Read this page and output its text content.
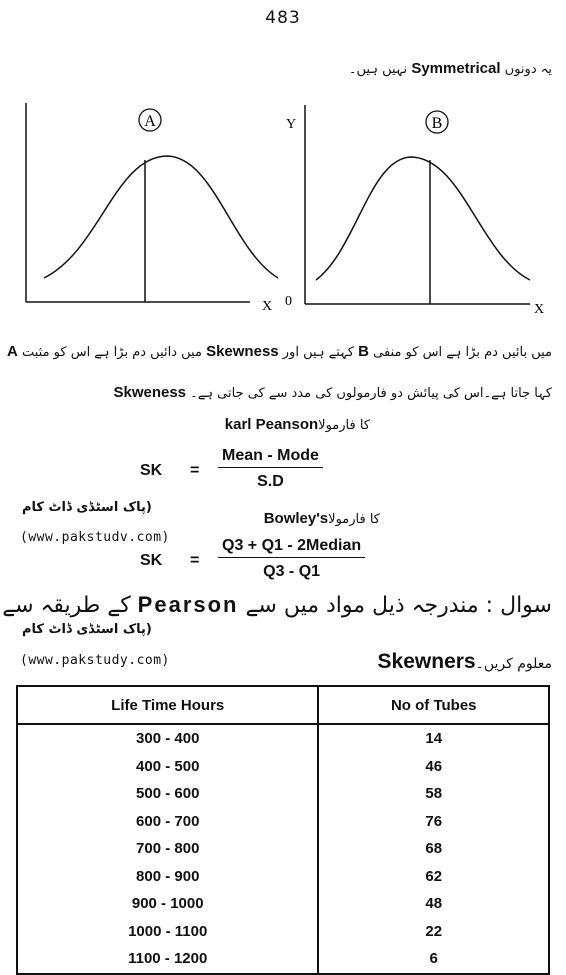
483
یہ دونوں Symmetrical نہیں ہیں۔
A
X
B
Y
0
X
A میں دائیں دم بڑا ہے اس کو مثبت Skewness کہتے ہیں اور B میں بائیں دم بڑا ہے اس کو منفی
Skweness کہا جاتا ہے۔اس کی پیائش دو فارمولوں کی مدد سے کی جاتی ہے۔
karl Peansonکا فارمولا
SK =
Mean - Mode
S.D
(پاک اسٹڈی ڈاٹ کام
(www.pakstudv.com)
Bowley'sکا فارمولا
SK =
Q3 + Q1 - 2Median
Q3 - Q1
سوال : مندرجہ ذیل مواد میں سے Pearson کے طریقہ سے
(پاک اسٹڈی ڈاٹ کام
(www.pakstudy.com)	Skewnersمعلوم کریں۔
Life Time Hours	No of Tubes
300 - 400	14
400 - 500	46
500 - 600	58
600 - 700	76
700 - 800	68
800 - 900	62
900 - 1000	48
1000 - 1100	22
1100 - 1200	6
